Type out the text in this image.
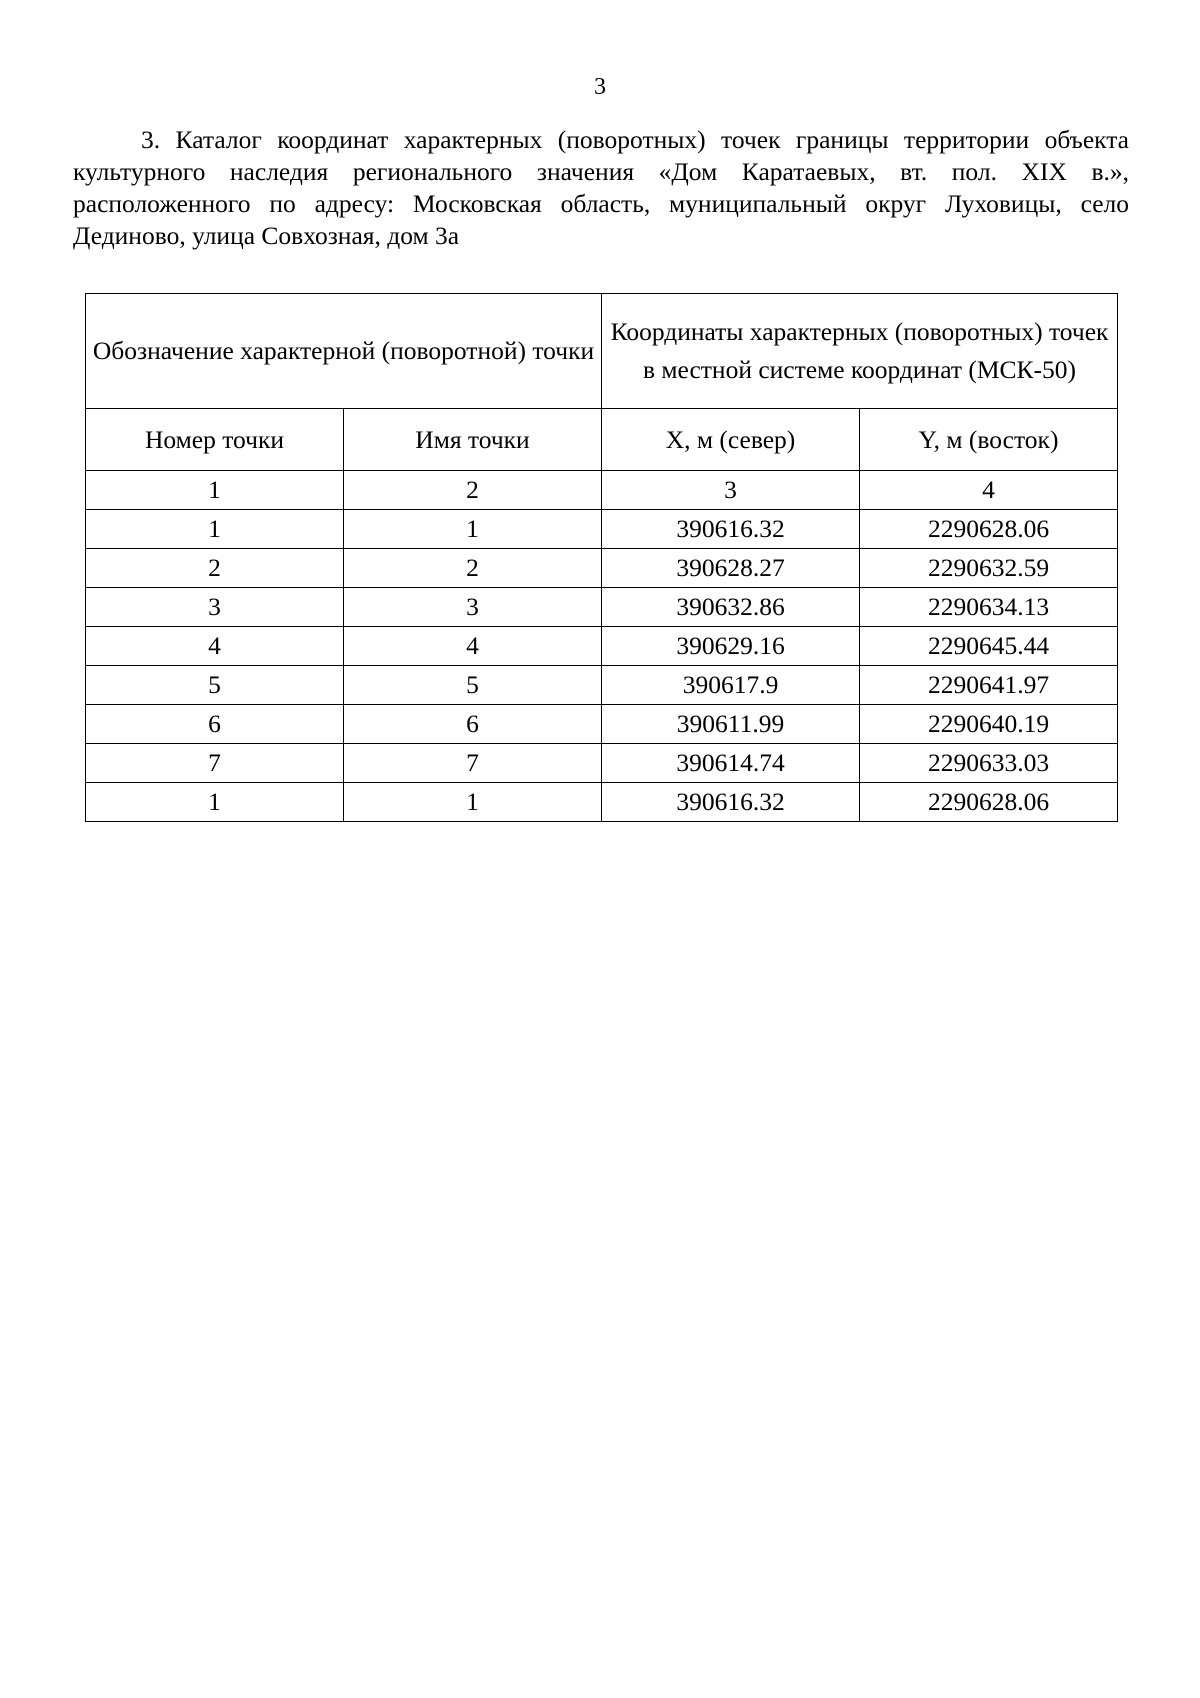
3

3. Каталог координат характерных (поворотных) точек границы территории объекта культурного наследия регионального значения «Дом Каратаевых, вт. пол. XIX в.», расположенного по адресу: Московская область, муниципальный округ Луховицы, село Дединово, улица Совхозная, дом 3а

Обозначение характерной (поворотной) точки		Координаты характерных (поворотных) точек в местной системе координат (МСК-50)	
Номер точки	Имя точки	X, м (север)	Y, м (восток)
1	2	3	4
1	1	390616.32	2290628.06
2	2	390628.27	2290632.59
3	3	390632.86	2290634.13
4	4	390629.16	2290645.44
5	5	390617.9	2290641.97
6	6	390611.99	2290640.19
7	7	390614.74	2290633.03
1	1	390616.32	2290628.06
